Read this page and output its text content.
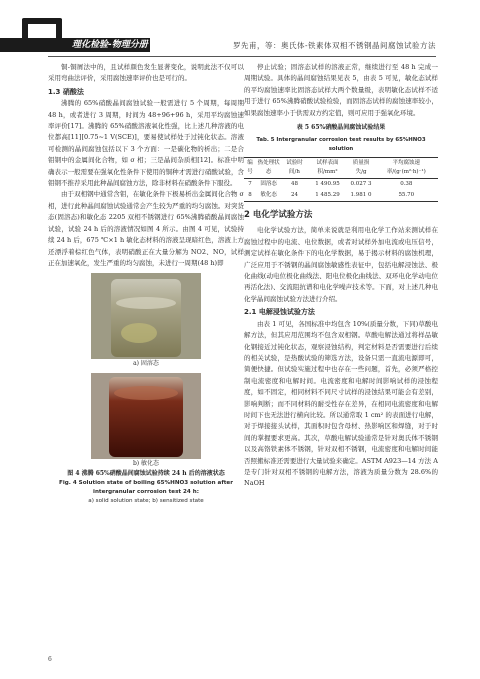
理化检验-物理分册	罗先甫，等：奥氏体-铁素体双相不锈钢晶间腐蚀试验方法

铜-铜屑法中的，且试样颜色发生显著变化，说明此法不仅可以采用弯曲法评价，采用腐蚀速率评价也是可行的。

1.3 硝酸法

沸腾的 65%硝酸晶间腐蚀试验一般需进行 5 个周期，每周期 48 h，或者进行 3 周期，时间为 48+96+96 h，采用平均腐蚀速率评价[17]。沸腾的 65%硝酸溶液氧化性强，比上述几种溶液的电位都高[11][0.75~1 V(SCE)]，要易使试样处于过钝化状态。溶液可检测的晶间腐蚀包括以下 3 个方面：一是碳化物的析出；二是合钼钢中的金属间化合物，如 σ 相；三是晶间杂质相[12]。标准中明确表示一般需要在强氧化性条件下使用的铜种才需进行硝酸试验，含钼钢不推荐采用此种晶间腐蚀方法，除非材料在硝酸条件下服役。

由于双相钢中通常含钼，在敏化条件下极易析出金属间化合物 σ 相，进行此种晶间腐蚀试验通常会产生较为严重的均匀腐蚀。对突货态(固溶态)和敏化态 2205 双相不锈钢进行 65%沸腾硝酸晶间腐蚀试验，试验 24 h 后的溶液情况如图 4 所示。由图 4 可见，试验持续 24 h 后，675 ℃×1 h 敏化态材料的溶液呈现暗红色，溶液上方还漂浮着棕红色气体，表明硝酸正在大量分解为 NO2、NO，试样正在加速氧化，发生严重的均匀腐蚀，未进行一周期(48 h)即

a) 固溶态
b) 敏化态
图 4 沸腾 65%硝酸晶间腐蚀试验持续 24 h 后的溶液状态
Fig. 4 Solution state of boiling 65%HNO3 solution after intergranular corrosion test 24 h:
a) solid solution state; b) sensitized state

停止试验；固溶态试样的溶液正常，继续进行至 48 h 完成一周期试验。具体的晶间腐蚀结果见表 5，由表 5 可见，敏化态试样的平均腐蚀速率比固溶态试样大两个数量级，表明敏化态试样不适用于进行 65%沸腾硝酸试验检验，而固溶态试样的腐蚀速率较小，如果腐蚀速率小于供需双方约定值，则可应用于强氧化环境。

表 5 65%硝酸晶间腐蚀试验结果
Tab. 5 Intergranular corrosion test results by 65%HNO3 solution
编号	热处理状态	试验时间/h	试样表面积/mm²	质量损失/g	平均腐蚀速率/(g·(m²·h)⁻¹)
7	固溶态	48	1 490.95	0.027 3	0.38
8	敏化态	24	1 485.29	1.981 0	55.70
2 电化学试验方法

电化学试验方法，简单来说就是利用电化学工作站来测试样在腐蚀过程中的电流、电位数据，或者对试样外加电流或电压信号，测定试样在敏化条件下的电化学数据，易于揭示材料的腐蚀机理，广泛应用于不锈钢的晶间腐蚀敏感性表征中，包括电解浸蚀法、极化曲线(动电位极化曲线法、阳电位极化曲线法、双环电化学动电位再活化法)、交流阻抗谱和电化学噪声技术等。下面，对上述几种电化学晶间腐蚀试验方法进行介绍。

2.1 电解浸蚀试验方法

由表 1 可见，各国标准中均包含 10%(质量分数，下同)草酸电解方法，但其应用范围均不包含双相钢。草酸电解法通过将样品敏化钢接近过钝化状态，观察浸蚀结构，判定材料是否需要进行后续的相关试验，是热酸试验的筛选方法，设备只需一直流电源即可，简便快捷。但试验实施过程中也存在一些问题，首先，必须严格控制电流密度和电解时间。电流密度和电解时间影响试样的浸蚀程度，如不固定，相同材料不同尺寸试样的浸蚀结果可能会有差别，影响判断；而不同材料的耐受性存在差异，在相同电流密度和电解时间下也无法进行横向比较。所以通常取 1 cm² 的表面进行电解，对于焊接接头试样，其面积时包含母材、热影响区和焊缝，对于时间的掌握要求更高。其次，草酸电解试验通常是针对奥氏体不锈钢以及高铬铁素体不锈钢，针对双相不锈钢，电流密度和电解时间能否照搬标准还需要进行大量试验来确定。ASTM A923—14 方法 A 是专门针对双相不锈钢的电解方法，溶液为质量分数为 28.6%的 NaOH

6
